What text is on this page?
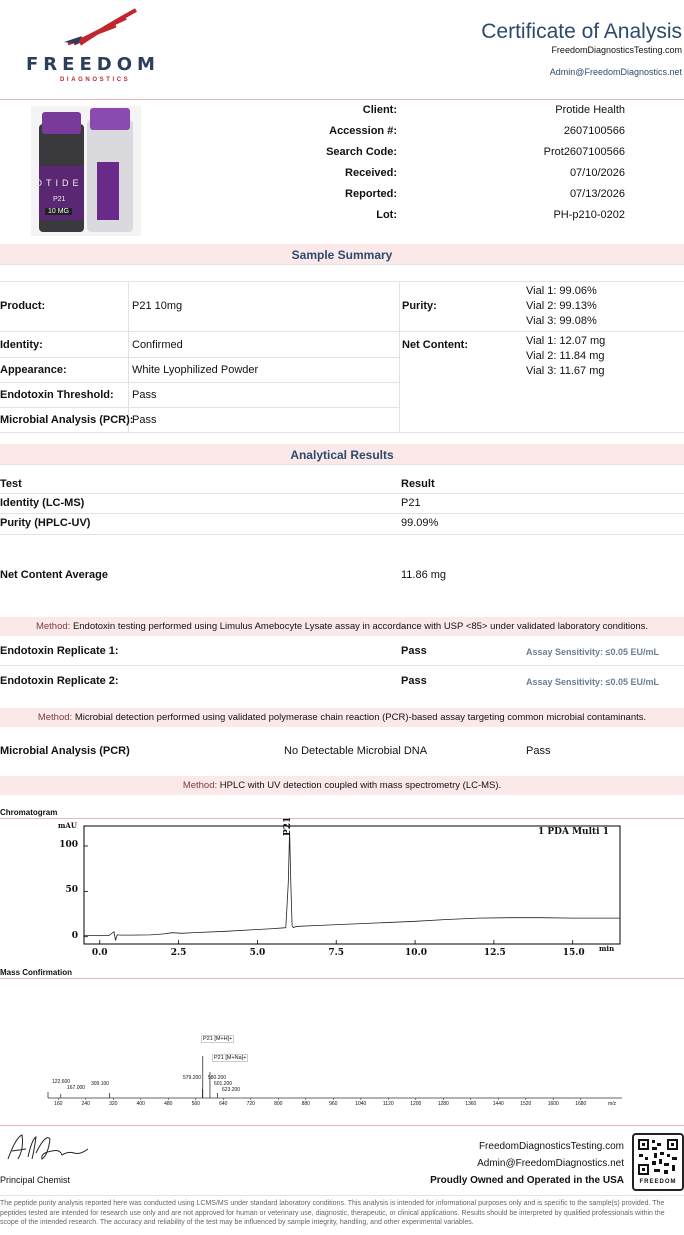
FREEDOM
DIAGNOSTICS
Certificate of Analysis
FreedomDiagnosticsTesting.com
Admin@FreedomDiagnostics.net
OTIDE
P21
10 MG
Client:	Protide Health
Accession #:	2607100566
Search Code:	Prot2607100566
Received:	07/10/2026
Reported:	07/13/2026
Lot:	PH-p210-0202
Sample Summary
Product:	P21 10mg
Identity:	Confirmed
Appearance:	White Lyophilized Powder
Endotoxin Threshold: Pass
Microbial Analysis (PCR):
Pass
Purity:
Vial 1: 99.06%
Vial 2: 99.13%
Vial 3: 99.08%
Net Content:	Vial 1: 12.07 mg
Vial 2: 11.84 mg
Vial 3: 11.67 mg
Analytical Results
Test	Result
Identity (LC-MS)	P21
Purity (HPLC-UV)	99.09%
Net Content Average	11.86 mg
Method: Endotoxin testing performed using Limulus Amebocyte Lysate assay in accordance with USP <85> under validated laboratory conditions.
Endotoxin Replicate 1:	Pass	Assay Sensitivity: ≤0.05 EU/mL
Endotoxin Replicate 2:	Pass	Assay Sensitivity: ≤0.05 EU/mL
Method: Microbial detection performed using validated polymerase chain reaction (PCR)-based assay targeting common microbial contaminants.
Microbial Analysis (PCR)	No Detectable Microbial DNA	Pass
Method: HPLC with UV detection coupled with mass spectrometry (LC-MS).
Chromatogram
mAU
1 PDA Multi 1
min
P21
100
50
0
0.0	2.5	5.0	7.5	10.0	12.5	15.0
Mass Confirmation
P21 [M+H]+
P21 [M+Na]+
122.600
167.000
309.100
579.200 580.200
601.200
623.200
m/z
160	240	320	400	480	560	640	720	800	880	960	1040	1120	1200	1280	1360	1440	1520	1600	1680
Principal Chemist
FreedomDiagnosticsTesting.com
Admin@FreedomDiagnostics.net
Proudly Owned and Operated in the USA	FREEDOM
The peptide purity analysis reported here was conducted using LCMS/MS under standard laboratory conditions. This analysis is intended for informational purposes only and is specific to the sample(s) provided. The peptides tested are intended for research use only and are not approved for human or veterinary use, diagnostic, therapeutic, or clinical applications. Results should be interpreted by qualified professionals within the scope of the intended research. The accuracy and reliability of the test may be influenced by sample integrity, handling, and other experimental variables.
